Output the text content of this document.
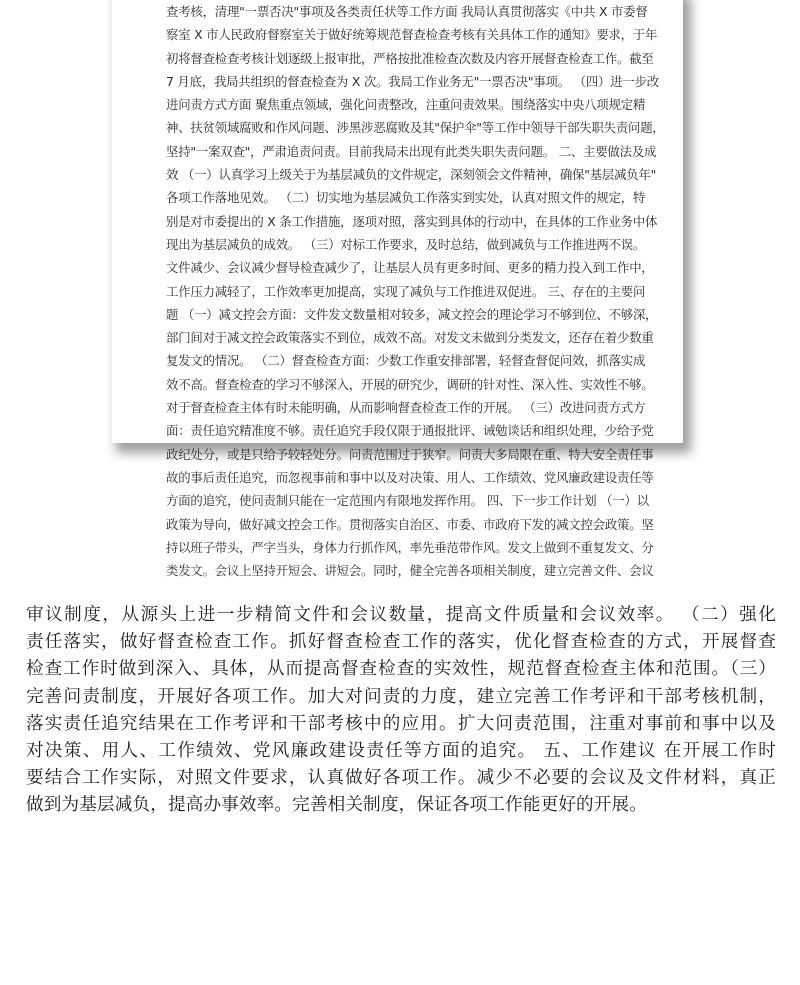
查考核，清理"一票否决"事项及各类责任状等工作方面 我局认真贯彻落实《中共 X 市委督
察室 X 市人民政府督察室关于做好统筹规范督查检查考核有关具体工作的通知》要求，于年
初将督查检查考核计划逐级上报审批，严格按批准检查次数及内容开展督查检查工作。截至
7 月底，我局共组织的督查检查为 X 次。我局工作业务无"一票否决"事项。 （四）进一步改
进问责方式方面 聚焦重点领域，强化问责整改，注重问责效果。围绕落实中央八项规定精
神、扶贫领域腐败和作风问题、涉黑涉恶腐败及其"保护伞"等工作中领导干部失职失责问题，
坚持"一案双查"，严肃追责问责。目前我局未出现有此类失职失责问题。 二、主要做法及成
效 （一）认真学习上级关于为基层减负的文件规定，深刻领会文件精神，确保"基层减负年"
各项工作落地见效。 （二）切实地为基层减负工作落实到实处，认真对照文件的规定，特
别是对市委提出的 X 条工作措施，逐项对照，落实到具体的行动中，在具体的工作业务中体
现出为基层减负的成效。 （三）对标工作要求，及时总结，做到减负与工作推进两不误。
文件减少、会议减少督导检查减少了，让基层人员有更多时间、更多的精力投入到工作中，
工作压力减轻了，工作效率更加提高，实现了减负与工作推进双促进。 三、存在的主要问
题 （一）减文控会方面：文件发文数量相对较多，减文控会的理论学习不够到位、不够深，
部门间对于减文控会政策落实不到位，成效不高。对发文未做到分类发文，还存在着少数重
复发文的情况。 （二）督查检查方面：少数工作重安排部署，轻督查督促问效，抓落实成
效不高。督查检查的学习不够深入，开展的研究少，调研的针对性、深入性、实效性不够。
对于督查检查主体有时未能明确，从而影响督查检查工作的开展。 （三）改进问责方式方
面：责任追究精准度不够。责任追究手段仅限于通报批评、诫勉谈话和组织处理，少给予党
政纪处分，或是只给予较轻处分。问责范围过于狭窄。问责大多局限在重、特大安全责任事
故的事后责任追究，而忽视事前和事中以及对决策、用人、工作绩效、党风廉政建设责任等
方面的追究，使问责制只能在一定范围内有限地发挥作用。 四、下一步工作计划 （一）以
政策为导向，做好减文控会工作。贯彻落实自治区、市委、市政府下发的减文控会政策。坚
持以班子带头，严字当头，身体力行抓作风，率先垂范带作风。发文上做到不重复发文、分
类发文。会议上坚持开短会、讲短会。同时，健全完善各项相关制度，建立完善文件、会议
审议制度，从源头上进一步精简文件和会议数量，提高文件质量和会议效率。 （二）强化
责任落实，做好督查检查工作。抓好督查检查工作的落实，优化督查检查的方式，开展督查
检查工作时做到深入、具体，从而提高督查检查的实效性，规范督查检查主体和范围。（三）
完善问责制度，开展好各项工作。加大对问责的力度，建立完善工作考评和干部考核机制，
落实责任追究结果在工作考评和干部考核中的应用。扩大问责范围，注重对事前和事中以及
对决策、用人、工作绩效、党风廉政建设责任等方面的追究。 五、工作建议 在开展工作时
要结合工作实际，对照文件要求，认真做好各项工作。减少不必要的会议及文件材料，真正
做到为基层减负，提高办事效率。完善相关制度，保证各项工作能更好的开展。
